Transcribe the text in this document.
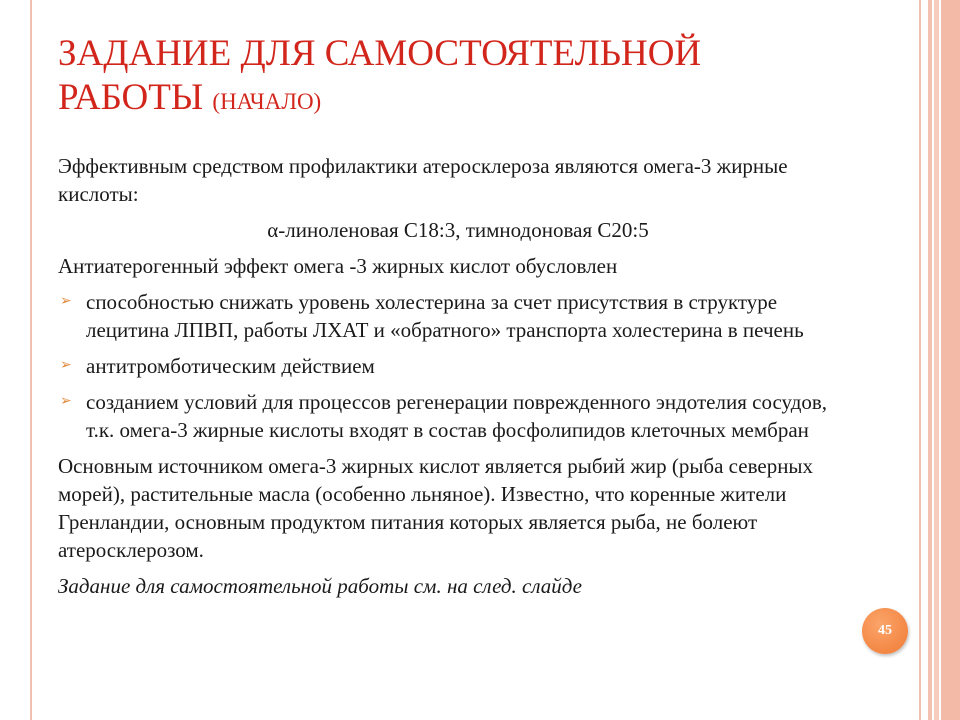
ЗАДАНИЕ ДЛЯ САМОСТОЯТЕЛЬНОЙ
РАБОТЫ (НАЧАЛО)

Эффективным средством профилактики атеросклероза являются омега-3 жирные кислоты:

α-линоленовая С18:3, тимнодоновая С20:5

Антиатерогенный эффект омега -3 жирных кислот обусловлен

➢ способностью снижать уровень холестерина за счет присутствия в структуре лецитина ЛПВП, работы ЛХАТ и «обратного» транспорта холестерина в печень
➢ антитромботическим действием
➢ созданием условий для процессов регенерации поврежденного эндотелия сосудов, т.к. омега-3 жирные кислоты входят в состав фосфолипидов клеточных мембран

Основным источником омега-3 жирных кислот является рыбий жир (рыба северных морей), растительные масла (особенно льняное). Известно, что коренные жители Гренландии, основным продуктом питания которых является рыба, не болеют атеросклерозом.

Задание для самостоятельной работы см. на след. слайде

45
